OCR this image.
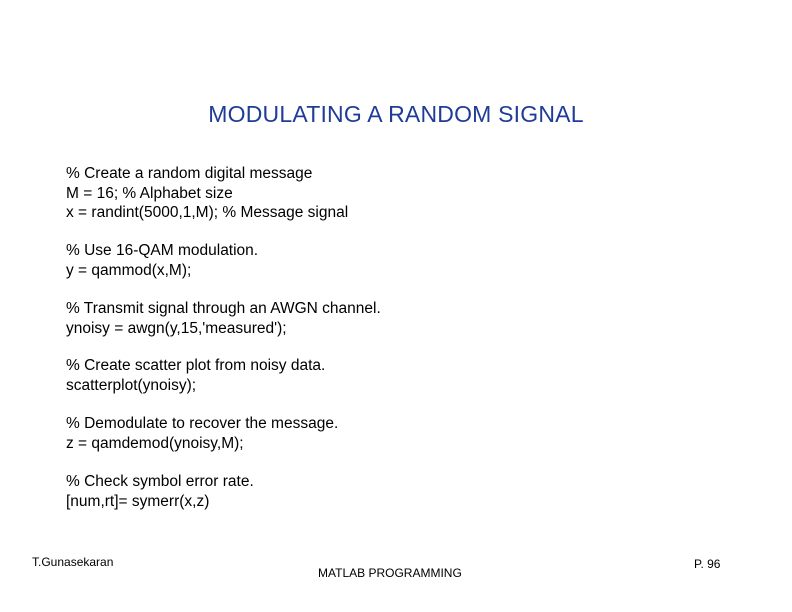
MODULATING A RANDOM SIGNAL
% Create a random digital message
M = 16; % Alphabet size
x = randint(5000,1,M); % Message signal
% Use 16-QAM modulation.
y = qammod(x,M);
% Transmit signal through an AWGN channel.
ynoisy = awgn(y,15,'measured');
% Create scatter plot from noisy data.
scatterplot(ynoisy);
% Demodulate to recover the message.
z = qamdemod(ynoisy,M);
% Check symbol error rate.
[num,rt]= symerr(x,z)
T.Gunasekaran
MATLAB PROGRAMMING
P. 96
